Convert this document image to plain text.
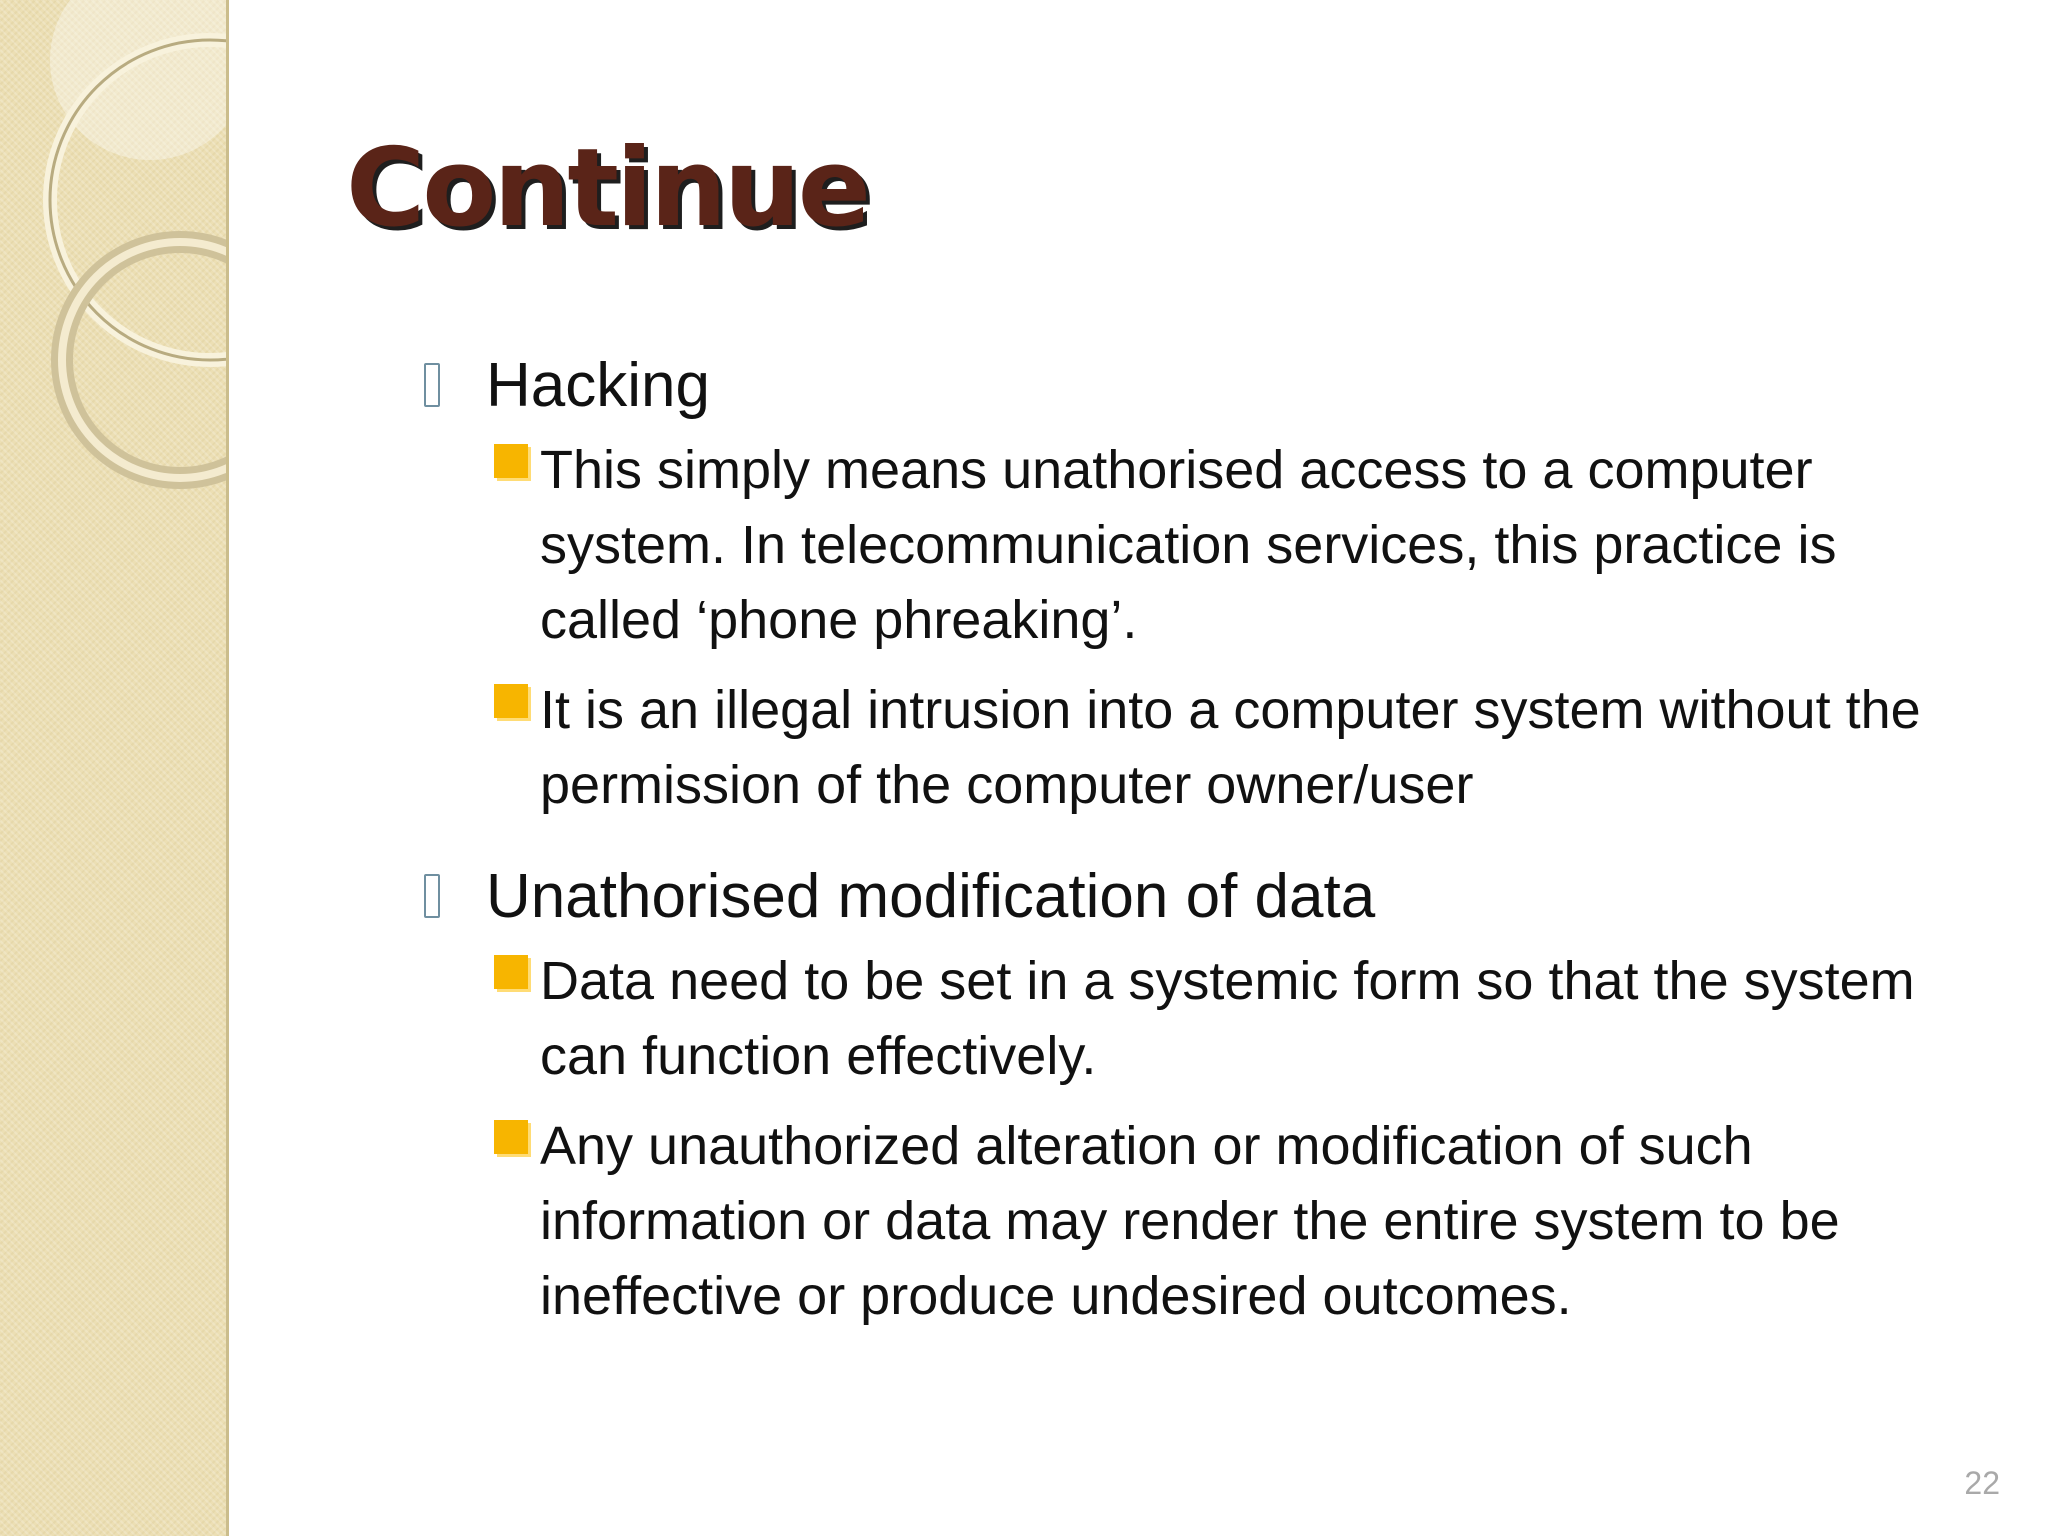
Continue

Hacking

This simply means unathorised access to a computer system. In telecommunication services, this practice is called ‘phone phreaking’.

It is an illegal intrusion into a computer system without the permission of the computer owner/user

Unathorised modification of data

Data need to be set in a systemic form so that the system can function effectively.

Any unauthorized alteration or modification of such information or data may render the entire system to be ineffective or produce undesired outcomes.

22
